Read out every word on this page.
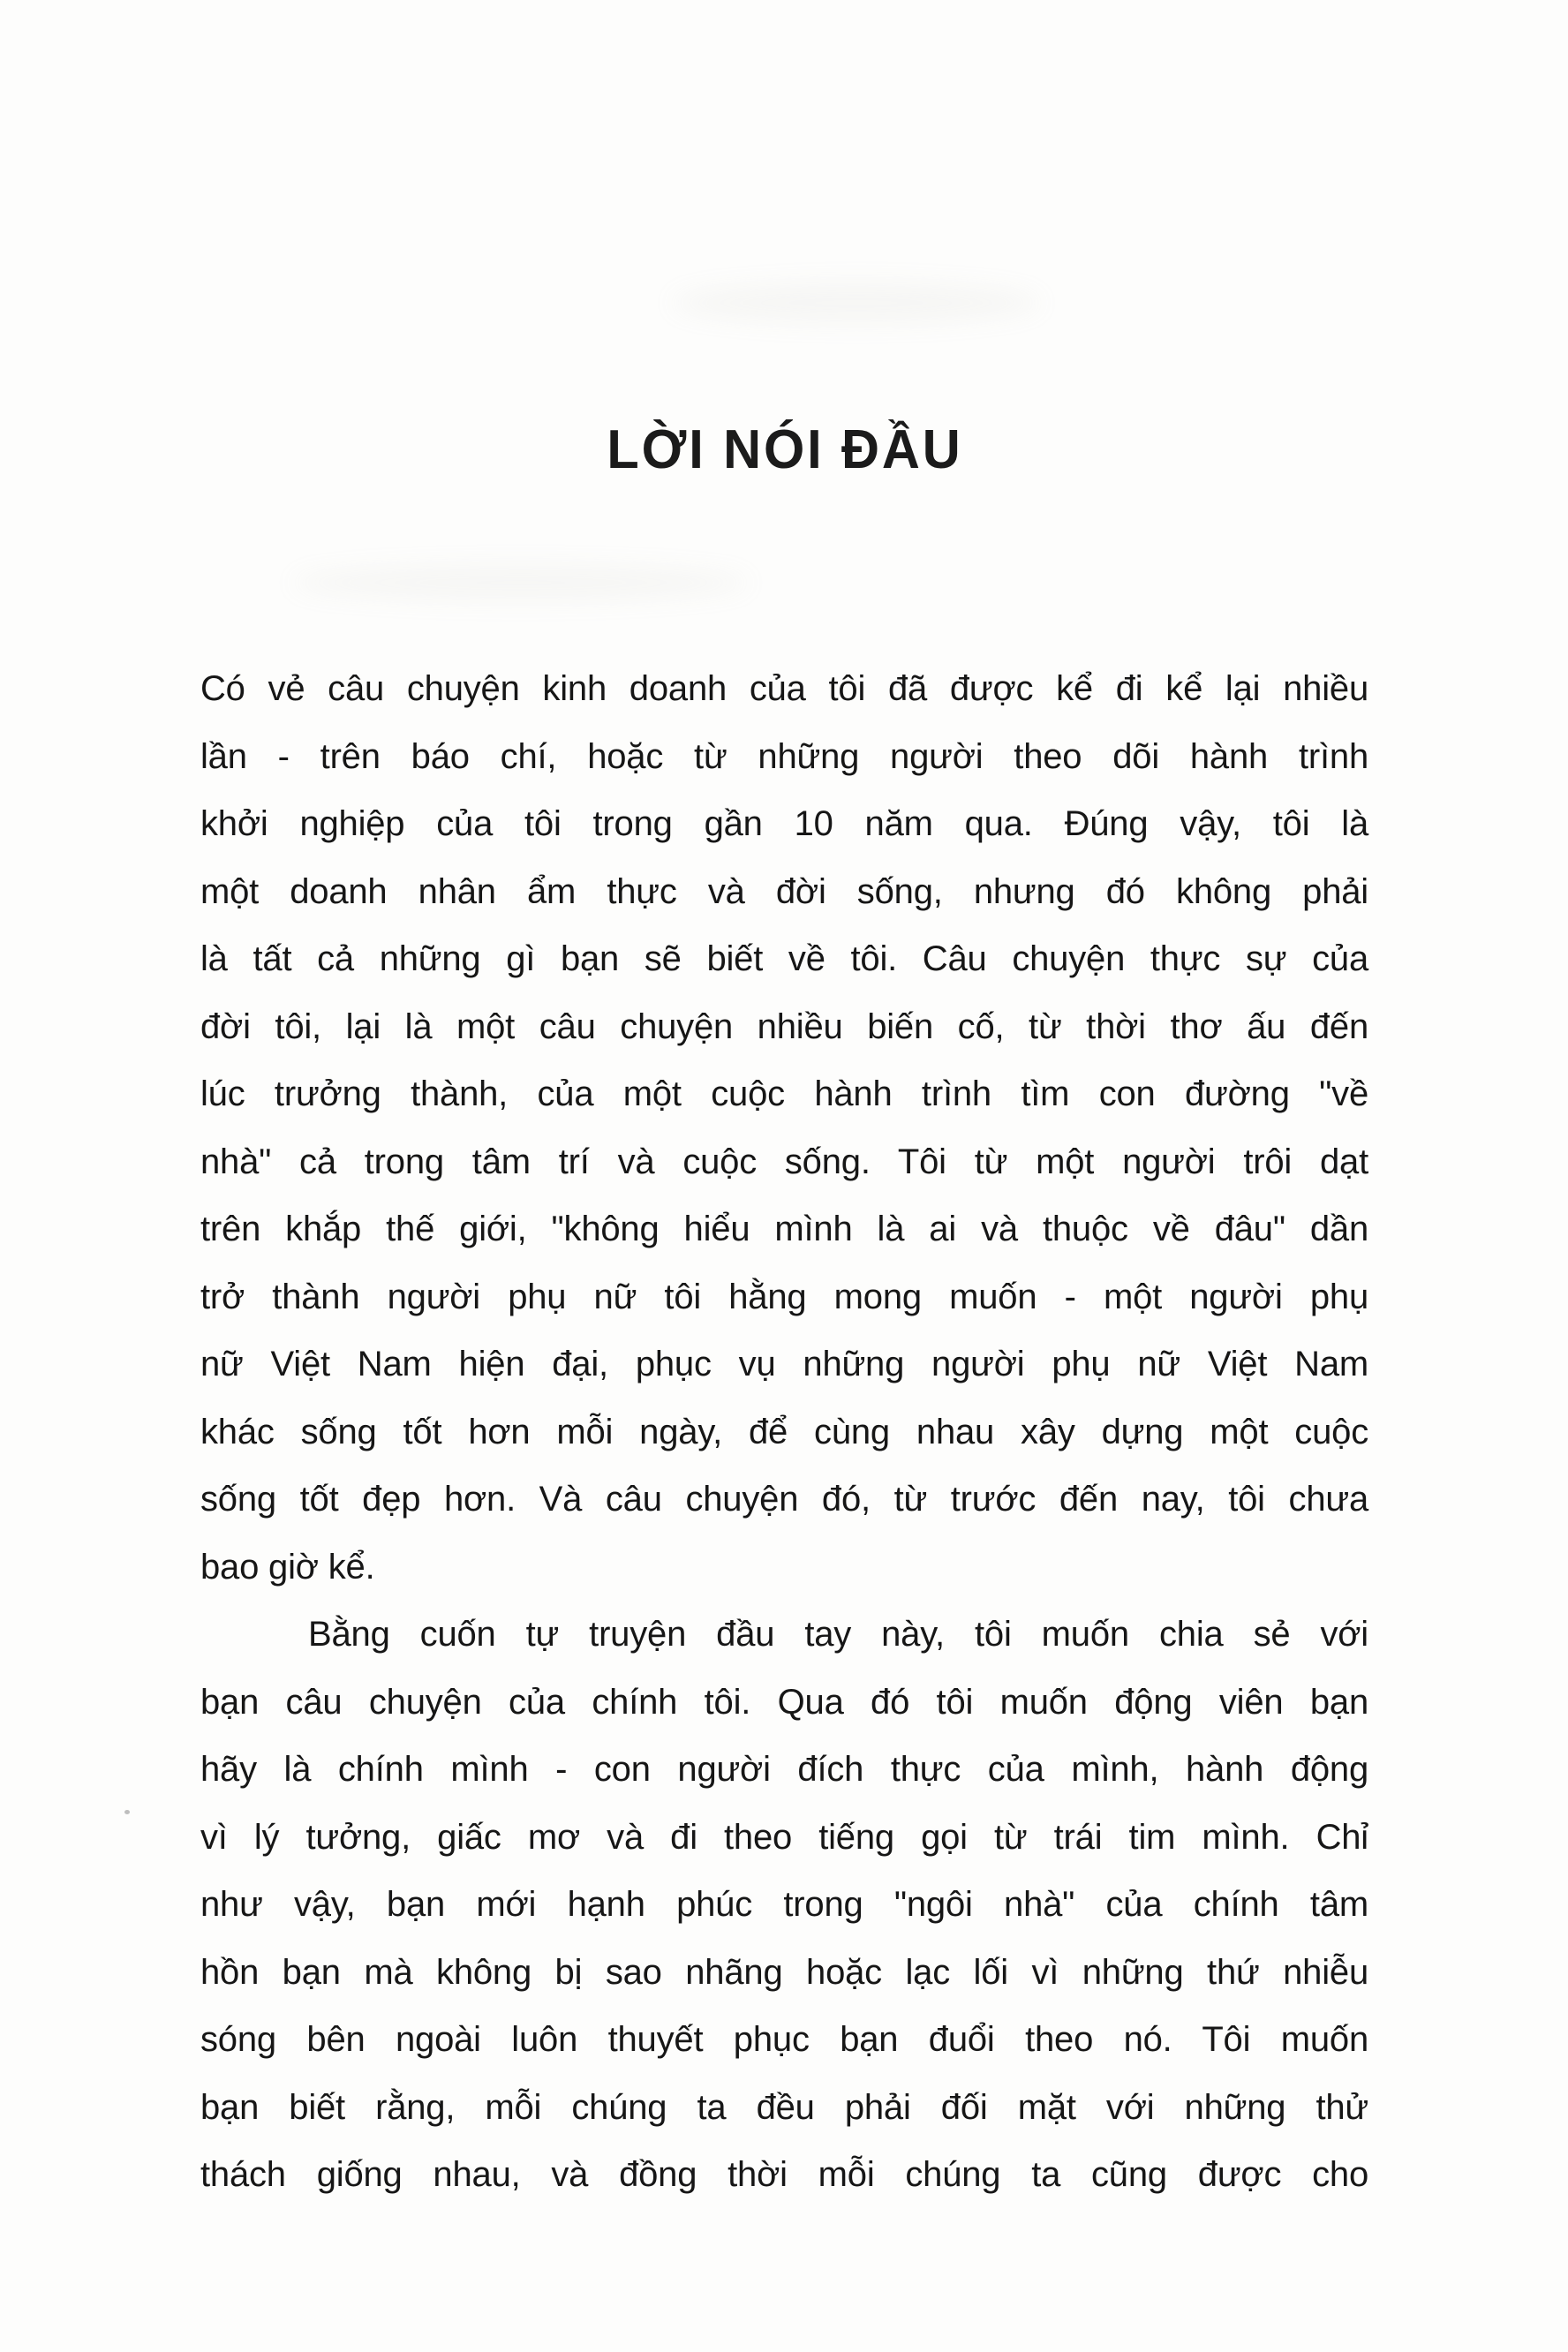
LỜI NÓI ĐẦU
Có vẻ câu chuyện kinh doanh của tôi đã được kể đi kể lại nhiều
lần - trên báo chí, hoặc từ những người theo dõi hành trình
khởi nghiệp của tôi trong gần 10 năm qua. Đúng vậy, tôi là
một doanh nhân ẩm thực và đời sống, nhưng đó không phải
là tất cả những gì bạn sẽ biết về tôi. Câu chuyện thực sự của
đời tôi, lại là một câu chuyện nhiều biến cố, từ thời thơ ấu đến
lúc trưởng thành, của một cuộc hành trình tìm con đường "về
nhà" cả trong tâm trí và cuộc sống. Tôi từ một người trôi dạt
trên khắp thế giới, "không hiểu mình là ai và thuộc về đâu" dần
trở thành người phụ nữ tôi hằng mong muốn - một người phụ
nữ Việt Nam hiện đại, phục vụ những người phụ nữ Việt Nam
khác sống tốt hơn mỗi ngày, để cùng nhau xây dựng một cuộc
sống tốt đẹp hơn. Và câu chuyện đó, từ trước đến nay, tôi chưa
bao giờ kể.
Bằng cuốn tự truyện đầu tay này, tôi muốn chia sẻ với
bạn câu chuyện của chính tôi. Qua đó tôi muốn động viên bạn
hãy là chính mình - con người đích thực của mình, hành động
vì lý tưởng, giấc mơ và đi theo tiếng gọi từ trái tim mình. Chỉ
như vậy, bạn mới hạnh phúc trong "ngôi nhà" của chính tâm
hồn bạn mà không bị sao nhãng hoặc lạc lối vì những thứ nhiễu
sóng bên ngoài luôn thuyết phục bạn đuổi theo nó. Tôi muốn
bạn biết rằng, mỗi chúng ta đều phải đối mặt với những thử
thách giống nhau, và đồng thời mỗi chúng ta cũng được cho
